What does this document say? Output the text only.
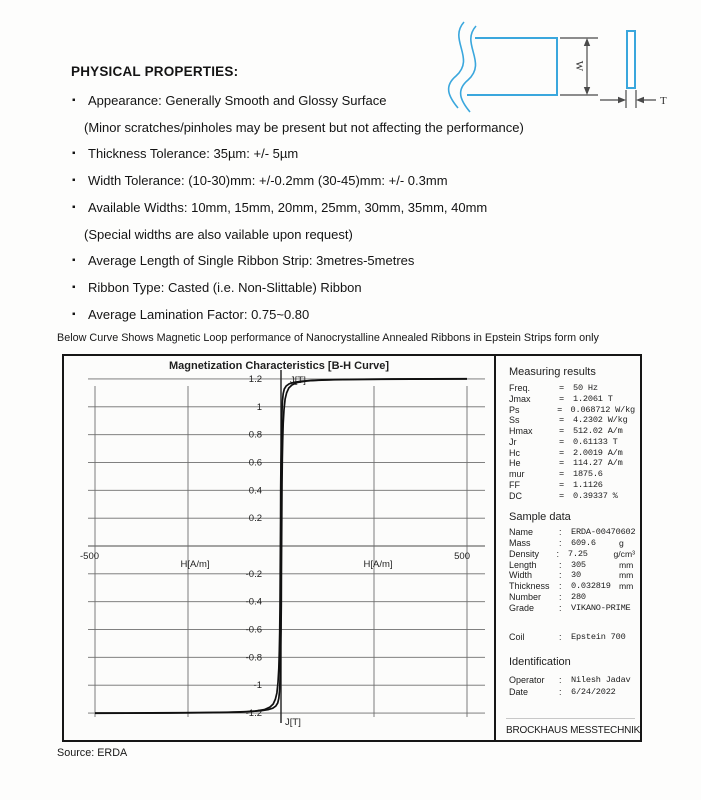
W
T
PHYSICAL PROPERTIES:
▪ Appearance: Generally Smooth and Glossy Surface
(Minor scratches/pinholes may be present but not affecting the performance)
▪ Thickness Tolerance: 35µm: +/- 5µm
▪ Width Tolerance: (10-30)mm: +/-0.2mm (30-45)mm: +/- 0.3mm
▪ Available Widths: 10mm, 15mm, 20mm, 25mm, 30mm, 35mm, 40mm
(Special widths are also vailable upon request)
▪ Average Length of Single Ribbon Strip: 3metres-5metres
▪ Ribbon Type: Casted (i.e. Non-Slittable) Ribbon
▪ Average Lamination Factor: 0.75~0.80
Below Curve Shows Magnetic Loop performance of Nanocrystalline Annealed Ribbons in Epstein Strips form only
1.2
1
0.8
0.6
0.4
0.2
-0.2
-0.4
-0.6
-0.8
-1
-1.2
-500	500
H[A/m]	H[A/m]
J[T]
J[T]
Magnetization Characteristics [B-H Curve]	Measuring results
Freq.	=	50 Hz
Jmax	=	1.2061 T
Ps	= 0.068712 W/kg
Ss	=	4.2302 W/kg
Hmax	=	512.02 A/m
Jr	=	0.61133 T
Hc	=	2.0019 A/m
He	=	114.27 A/m
mur	=	1875.6
FF	=	1.1126
DC	=	0.39337 %
Sample data
Name	:	ERDA-00470602
Mass	:	609.6	g
Density	:	7.25	g/cm³
Length	:	305	mm
Width	:	30	mm
Thickness	:	0.032819 mm
Number	:	280
Grade	:	VIKANO-PRIME
Coil	:	Epstein 700
Identification
Operator	:	Nilesh Jadav
Date	:	6/24/2022
BROCKHAUS MESSTECHNIK
Source: ERDA
